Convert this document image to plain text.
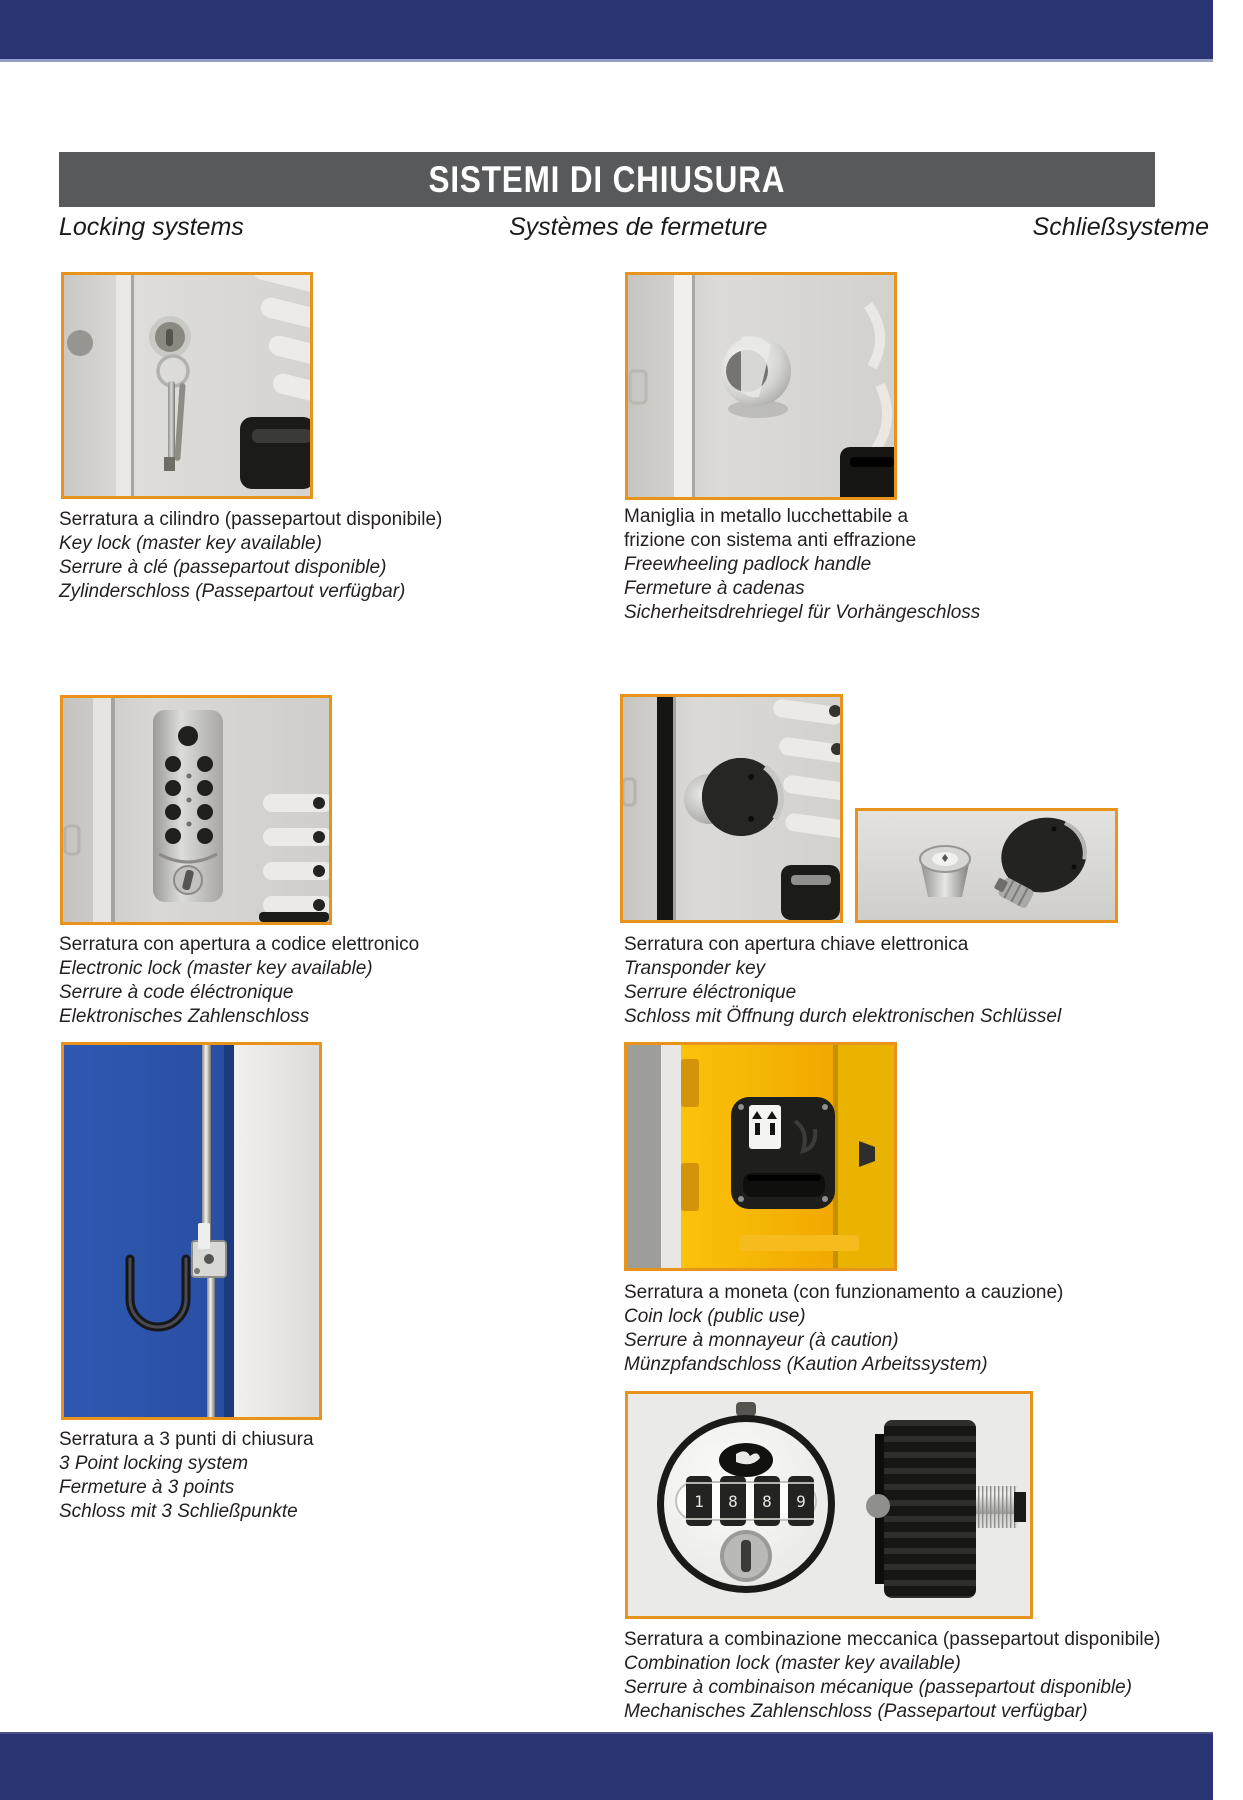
SISTEMI DI CHIUSURA
Locking systems	Systèmes de fermeture	Schließsysteme
1 8 8 9
Serratura a cilindro (passepartout disponibile)
Key lock (master key available)
Serrure à clé (passepartout disponible)
Zylinderschloss (Passepartout verfügbar)
Maniglia in metallo lucchettabile a
frizione con sistema anti effrazione
Freewheeling padlock handle
Fermeture à cadenas
Sicherheitsdrehriegel für Vorhängeschloss
Serratura con apertura a codice elettronico
Electronic lock (master key available)
Serrure à code éléctronique
Elektronisches Zahlenschloss
Serratura con apertura chiave elettronica
Transponder key
Serrure éléctronique
Schloss mit Öffnung durch elektronischen Schlüssel
Serratura a moneta (con funzionamento a cauzione)
Coin lock (public use)
Serrure à monnayeur (à caution)
Münzpfandschloss (Kaution Arbeitssystem)
Serratura a 3 punti di chiusura
3 Point locking system
Fermeture à 3 points
Schloss mit 3 Schließpunkte
Serratura a combinazione meccanica (passepartout disponibile)
Combination lock (master key available)
Serrure à combinaison mécanique (passepartout disponible)
Mechanisches Zahlenschloss (Passepartout verfügbar)
